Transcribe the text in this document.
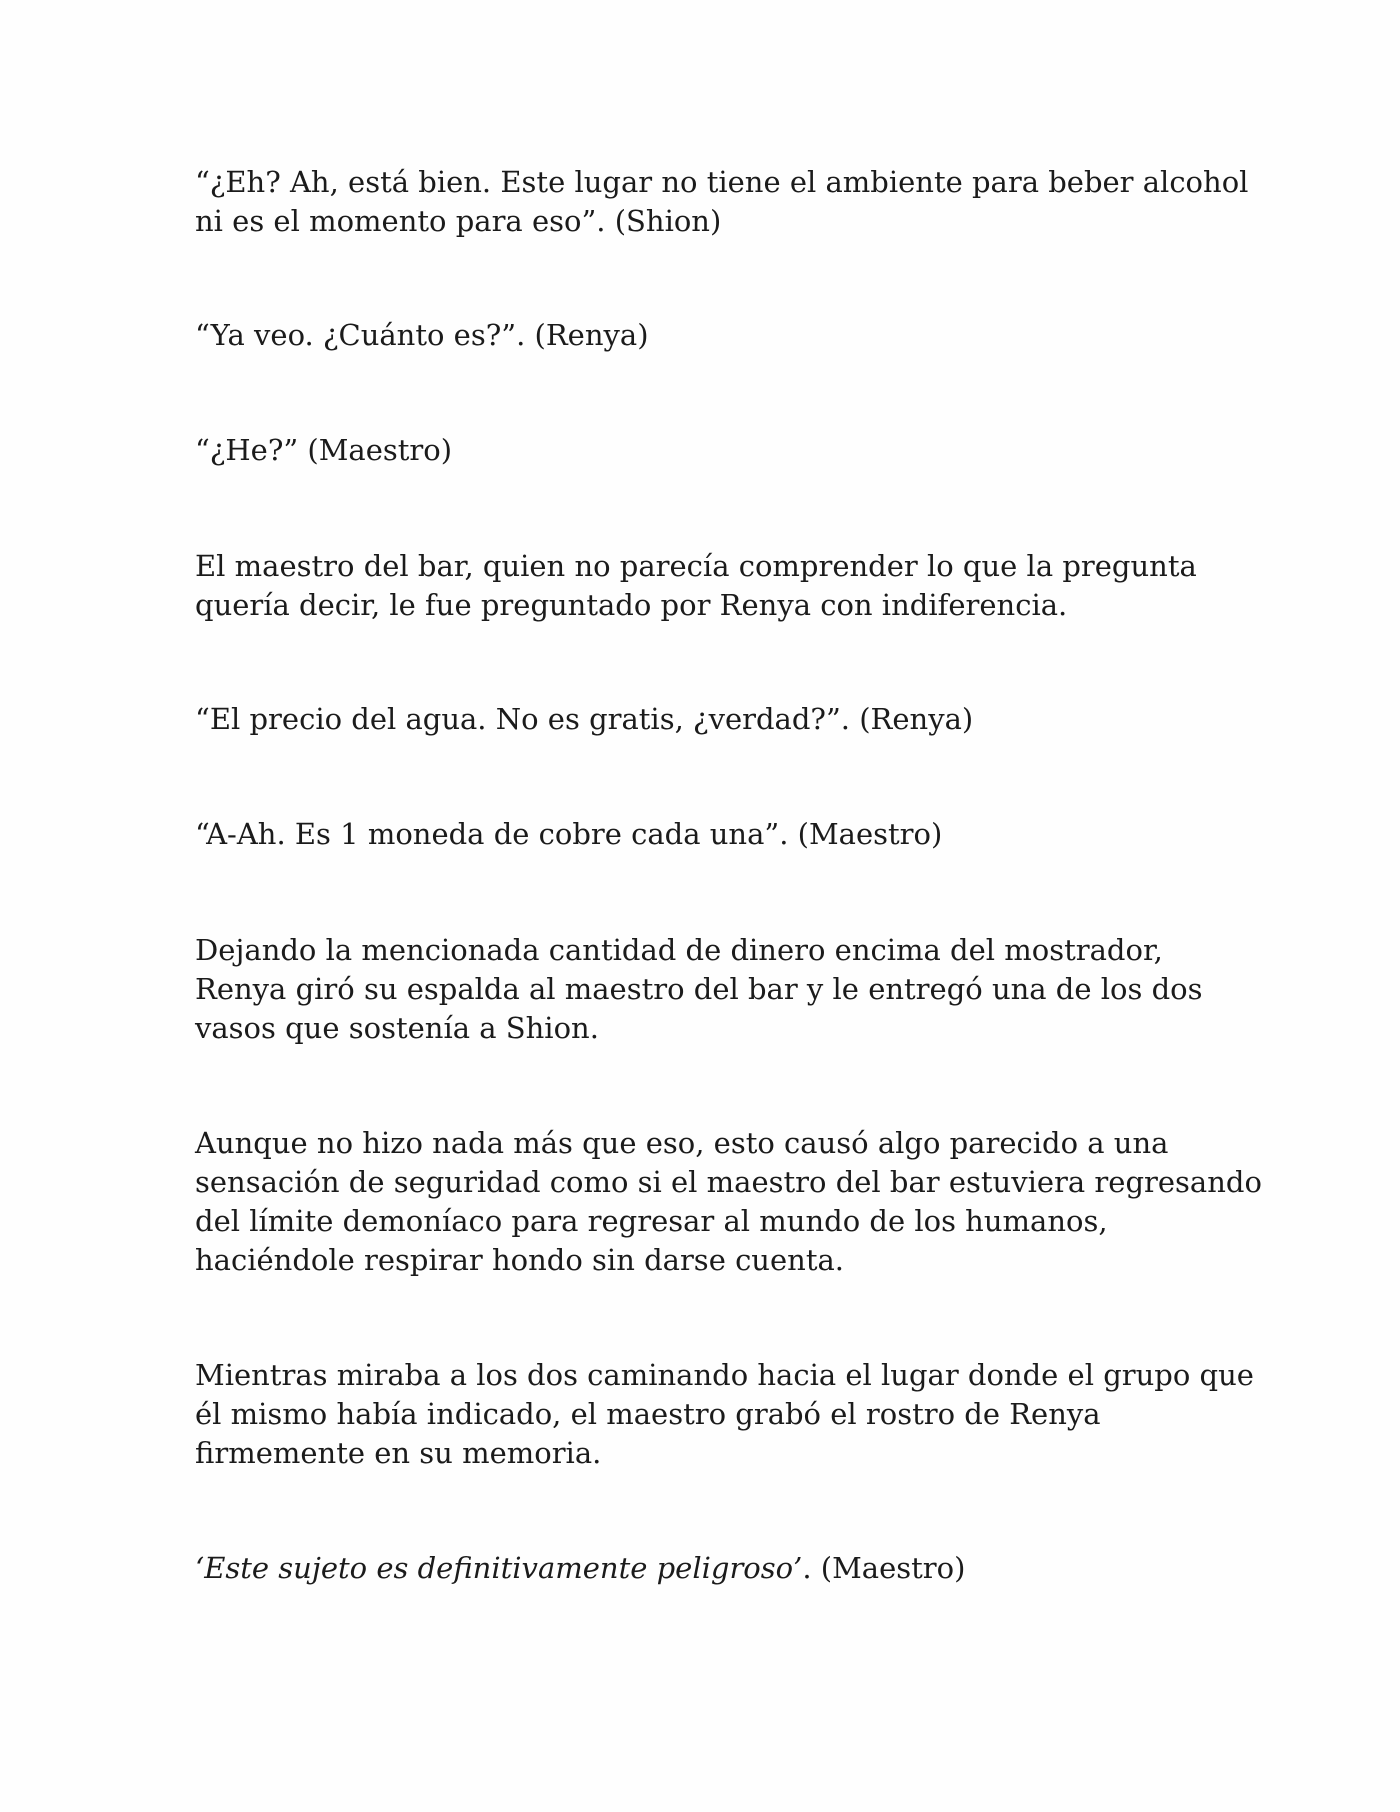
“¿Eh? Ah, está bien. Este lugar no tiene el ambiente para beber alcohol
ni es el momento para eso”. (Shion)

“Ya veo. ¿Cuánto es?”. (Renya)

“¿He?” (Maestro)

El maestro del bar, quien no parecía comprender lo que la pregunta
quería decir, le fue preguntado por Renya con indiferencia.

“El precio del agua. No es gratis, ¿verdad?”. (Renya)

“A-Ah. Es 1 moneda de cobre cada una”. (Maestro)

Dejando la mencionada cantidad de dinero encima del mostrador,
Renya giró su espalda al maestro del bar y le entregó una de los dos
vasos que sostenía a Shion.

Aunque no hizo nada más que eso, esto causó algo parecido a una
sensación de seguridad como si el maestro del bar estuviera regresando
del límite demoníaco para regresar al mundo de los humanos,
haciéndole respirar hondo sin darse cuenta.

Mientras miraba a los dos caminando hacia el lugar donde el grupo que
él mismo había indicado, el maestro grabó el rostro de Renya
firmemente en su memoria.

‘Este sujeto es definitivamente peligroso’. (Maestro)
